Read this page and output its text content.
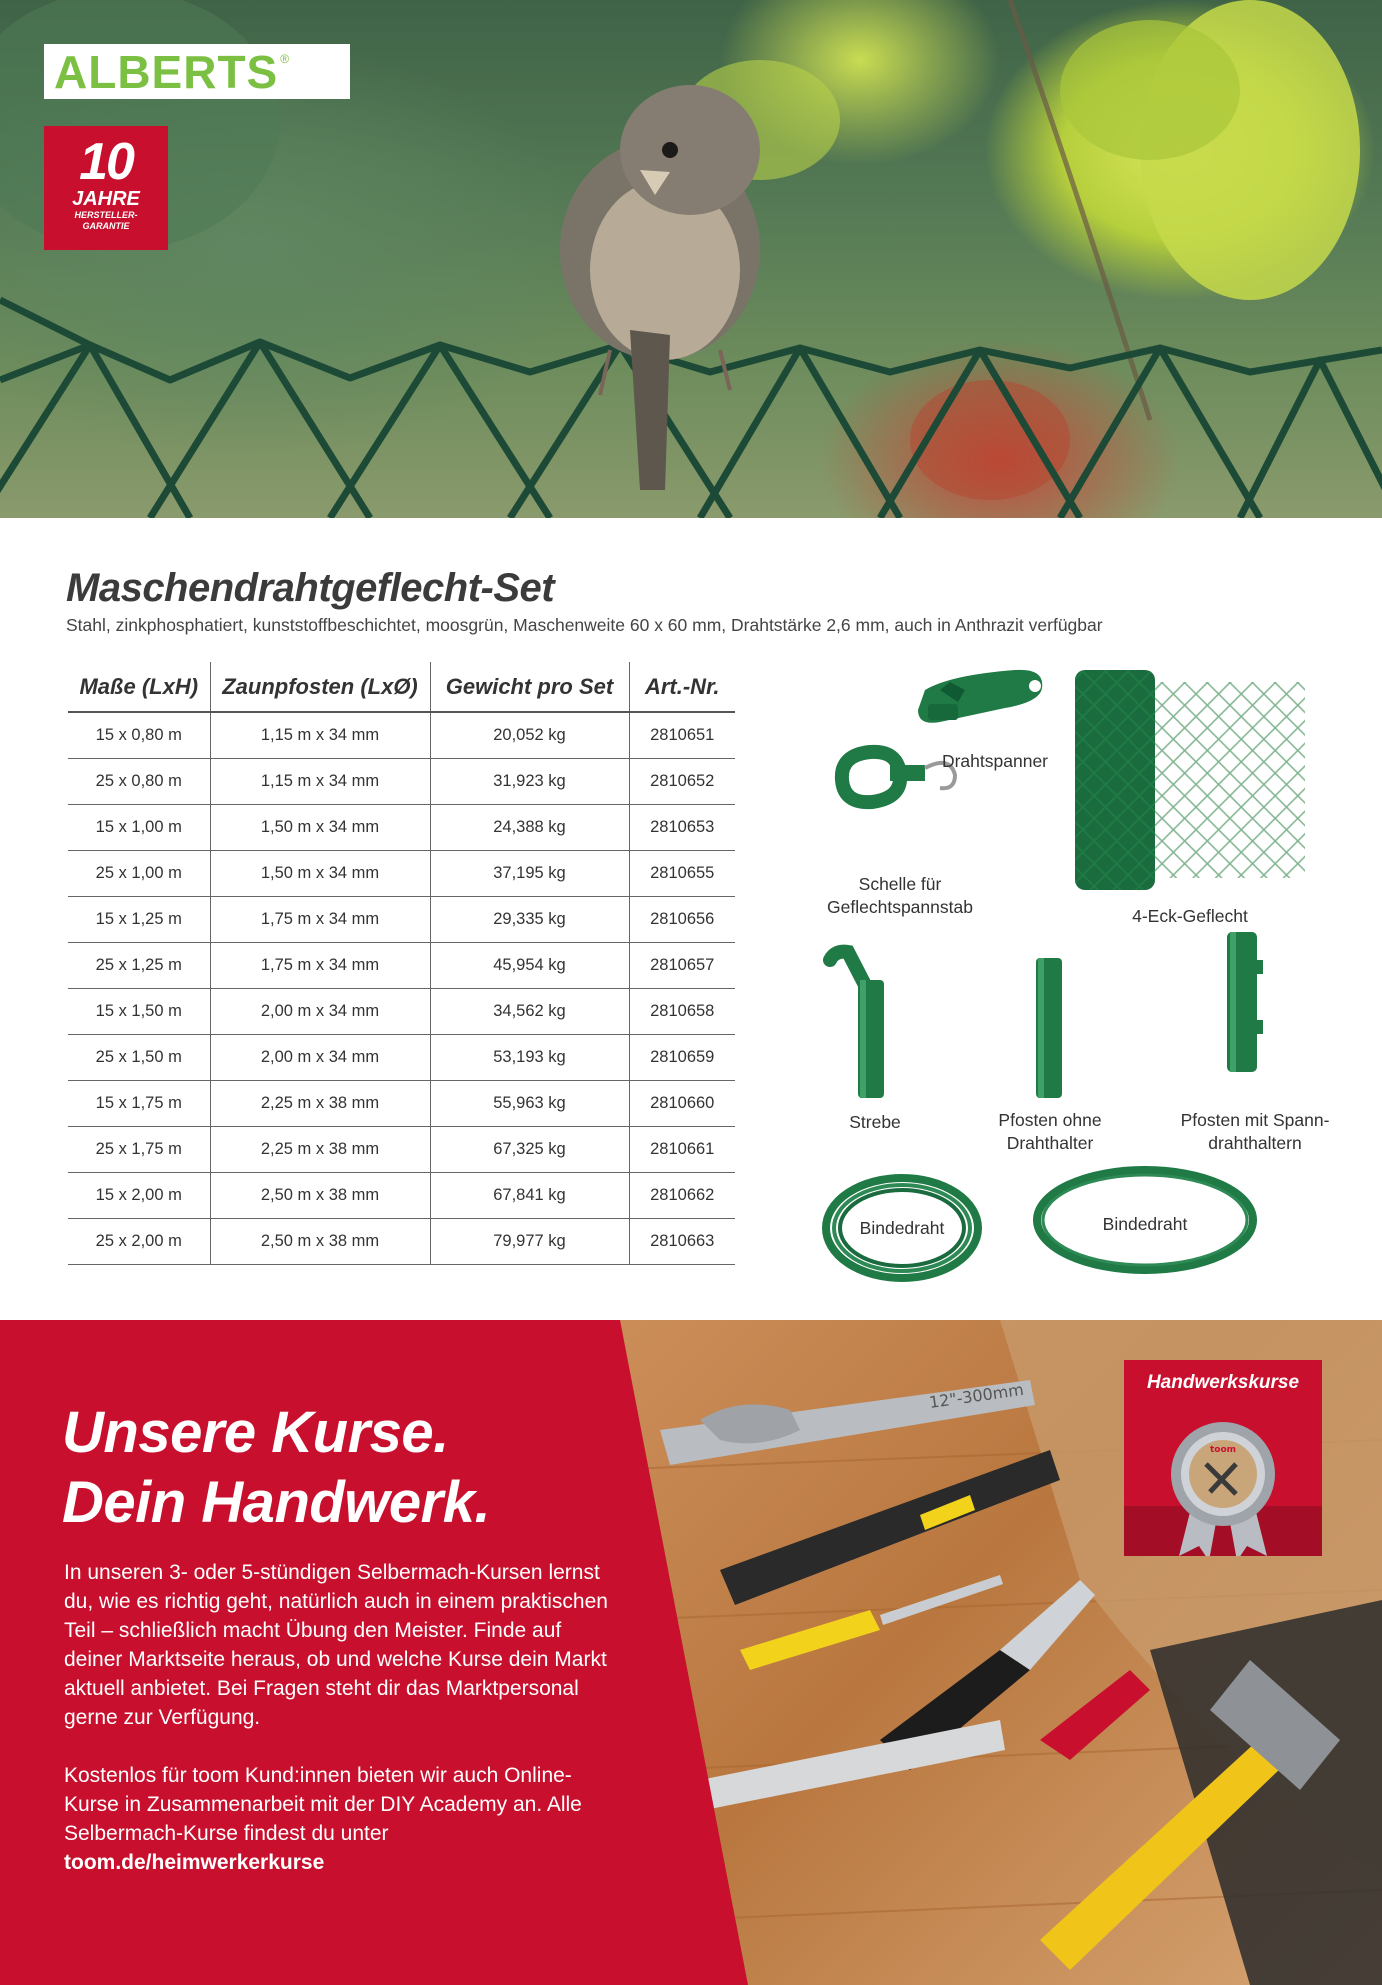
ALBERTS ®
10
JAHRE
HERSTELLER-
GARANTIE
Maschendrahtgeflecht-Set

Stahl, zinkphosphatiert, kunststoffbeschichtet, moosgrün, Maschenweite 60 x 60 mm, Drahtstärke 2,6 mm, auch in Anthrazit verfügbar

Maße (LxH)	Zaunpfosten (LxØ)	Gewicht pro Set	Art.-Nr.
15 x 0,80 m	1,15 m x 34 mm	20,052 kg	2810651
25 x 0,80 m	1,15 m x 34 mm	31,923 kg	2810652
15 x 1,00 m	1,50 m x 34 mm	24,388 kg	2810653
25 x 1,00 m	1,50 m x 34 mm	37,195 kg	2810655
15 x 1,25 m	1,75 m x 34 mm	29,335 kg	2810656
25 x 1,25 m	1,75 m x 34 mm	45,954 kg	2810657
15 x 1,50 m	2,00 m x 34 mm	34,562 kg	2810658
25 x 1,50 m	2,00 m x 34 mm	53,193 kg	2810659
15 x 1,75 m	2,25 m x 38 mm	55,963 kg	2810660
25 x 1,75 m	2,25 m x 38 mm	67,325 kg	2810661
15 x 2,00 m	2,50 m x 38 mm	67,841 kg	2810662
25 x 2,00 m	2,50 m x 38 mm	79,977 kg	2810663
Drahtspanner
Schelle für
Geflechtspannstab	4-Eck-Geflecht
Strebe	Pfosten ohne
Drahthalter
Pfosten mit Spann-
drahthaltern
Bindedraht	Bindedraht
12"-300mm
Unsere Kurse.
Dein Handwerk.

In unseren 3- oder 5-stündigen Selbermach-Kursen lernst du, wie es richtig geht, natürlich auch in einem praktischen Teil – schließlich macht Übung den Meister. Finde auf deiner Marktseite heraus, ob und welche Kurse dein Markt aktuell anbietet. Bei Fragen steht dir das Marktpersonal gerne zur Verfügung.

Kostenlos für toom Kund:innen bieten wir auch Online-Kurse in Zusammenarbeit mit der DIY Academy an. Alle Selbermach-Kurse findest du unter toom.de/heimwerkerkurse

Handwerkskurse
toom
